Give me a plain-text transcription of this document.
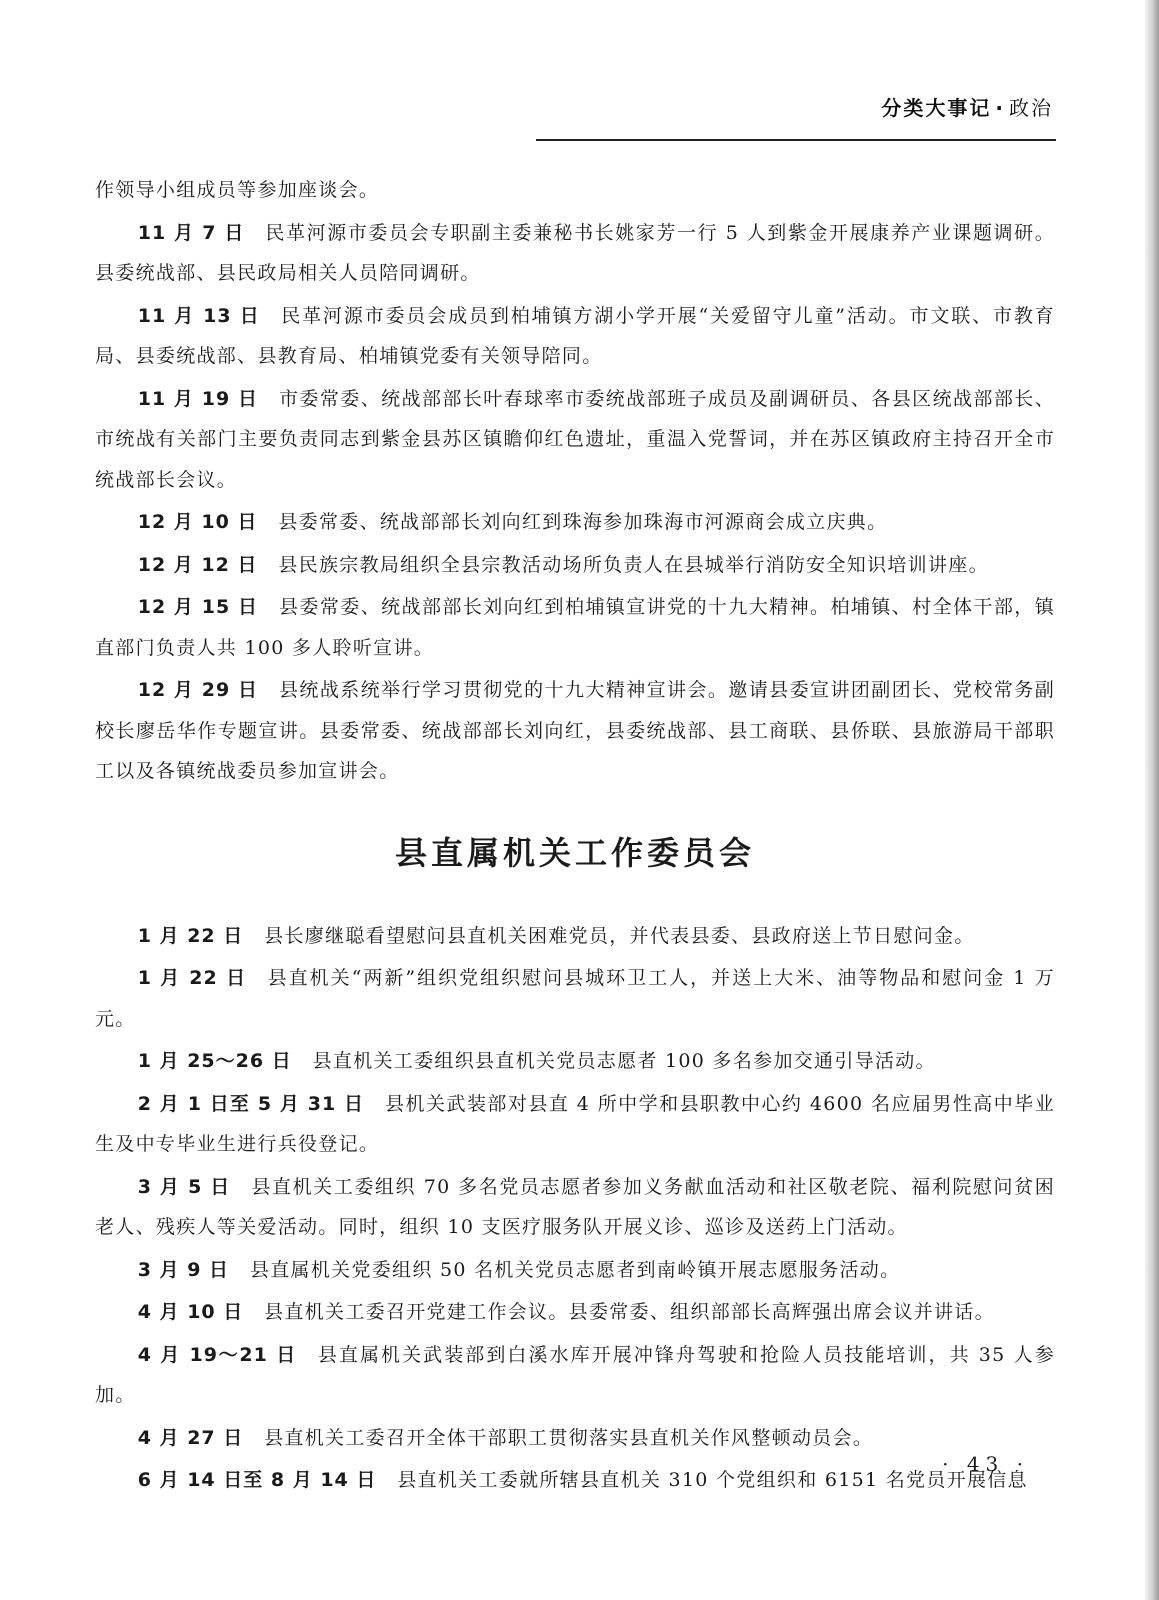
分类大事记 · 政治

作领导小组成员等参加座谈会。

11 月 7 日 民革河源市委员会专职副主委兼秘书长姚家芳一行 5 人到紫金开展康养产业课题调研。县委统战部、县民政局相关人员陪同调研。

11 月 13 日 民革河源市委员会成员到柏埔镇方湖小学开展“关爱留守儿童”活动。市文联、市教育局、县委统战部、县教育局、柏埔镇党委有关领导陪同。

11 月 19 日 市委常委、统战部部长叶春球率市委统战部班子成员及副调研员、各县区统战部部长、市统战有关部门主要负责同志到紫金县苏区镇瞻仰红色遗址，重温入党誓词，并在苏区镇政府主持召开全市统战部长会议。

12 月 10 日 县委常委、统战部部长刘向红到珠海参加珠海市河源商会成立庆典。

12 月 12 日 县民族宗教局组织全县宗教活动场所负责人在县城举行消防安全知识培训讲座。

12 月 15 日 县委常委、统战部部长刘向红到柏埔镇宣讲党的十九大精神。柏埔镇、村全体干部，镇直部门负责人共 100 多人聆听宣讲。

12 月 29 日 县统战系统举行学习贯彻党的十九大精神宣讲会。邀请县委宣讲团副团长、党校常务副校长廖岳华作专题宣讲。县委常委、统战部部长刘向红，县委统战部、县工商联、县侨联、县旅游局干部职工以及各镇统战委员参加宣讲会。

县直属机关工作委员会

1 月 22 日 县长廖继聪看望慰问县直机关困难党员，并代表县委、县政府送上节日慰问金。

1 月 22 日 县直机关“两新”组织党组织慰问县城环卫工人，并送上大米、油等物品和慰问金 1 万元。

1 月 25～26 日 县直机关工委组织县直机关党员志愿者 100 多名参加交通引导活动。

2 月 1 日至 5 月 31 日 县机关武装部对县直 4 所中学和县职教中心约 4600 名应届男性高中毕业生及中专毕业生进行兵役登记。

3 月 5 日 县直机关工委组织 70 多名党员志愿者参加义务献血活动和社区敬老院、福利院慰问贫困老人、残疾人等关爱活动。同时，组织 10 支医疗服务队开展义诊、巡诊及送药上门活动。

3 月 9 日 县直属机关党委组织 50 名机关党员志愿者到南岭镇开展志愿服务活动。

4 月 10 日 县直机关工委召开党建工作会议。县委常委、组织部部长高辉强出席会议并讲话。

4 月 19～21 日 县直属机关武装部到白溪水库开展冲锋舟驾驶和抢险人员技能培训，共 35 人参加。

4 月 27 日 县直机关工委召开全体干部职工贯彻落实县直机关作风整顿动员会。

6 月 14 日至 8 月 14 日 县直机关工委就所辖县直机关 310 个党组织和 6151 名党员开展信息

· 43 ·
